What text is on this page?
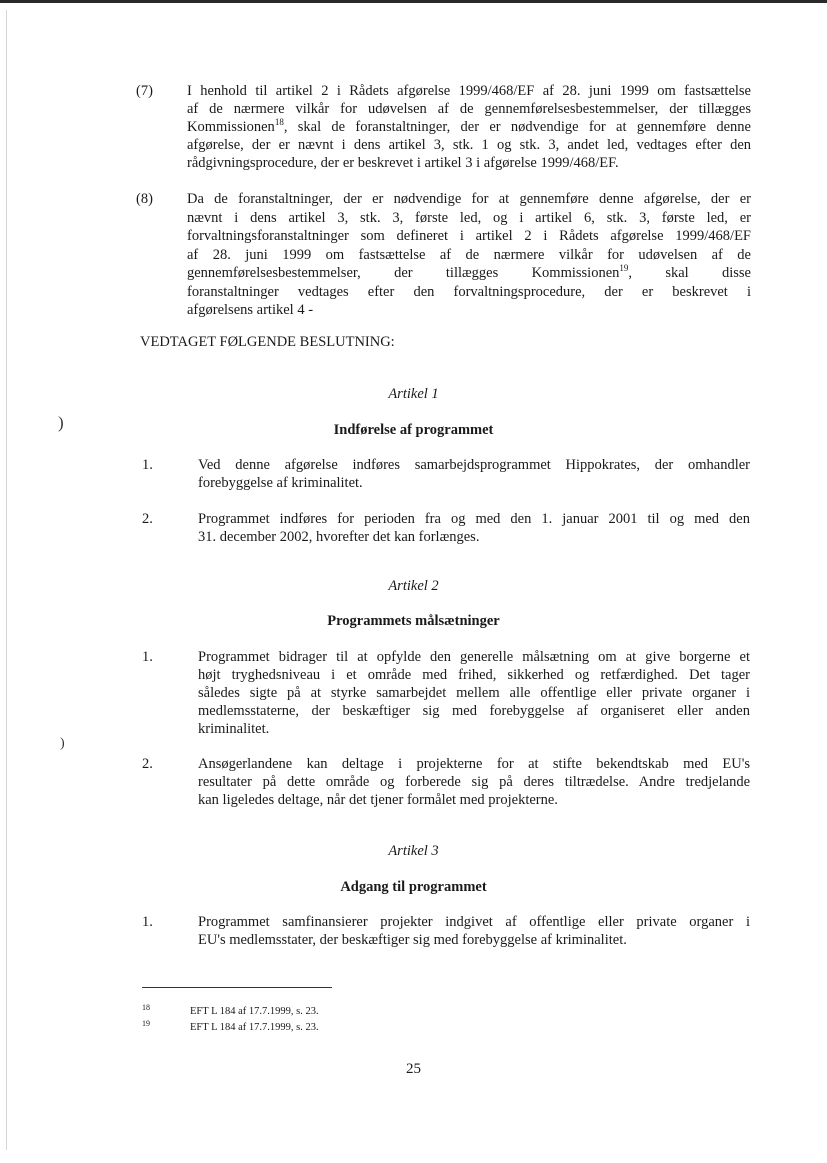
)
)
(7) I henhold til artikel 2 i Rådets afgørelse 1999/468/EF af 28. juni 1999 om fastsættelse
af de nærmere vilkår for udøvelsen af de gennemførelsesbestemmelser, der tillægges
Kommissionen$^{18}$, skal de foranstaltninger, der er nødvendige for at gennemføre denne
afgørelse, der er nævnt i dens artikel 3, stk. 1 og stk. 3, andet led, vedtages efter den
rådgivningsprocedure, der er beskrevet i artikel 3 i afgørelse 1999/468/EF.
(8) Da de foranstaltninger, der er nødvendige for at gennemføre denne afgørelse, der er
nævnt i dens artikel 3, stk. 3, første led, og i artikel 6, stk. 3, første led, er
forvaltningsforanstaltninger som defineret i artikel 2 i Rådets afgørelse 1999/468/EF
af 28. juni 1999 om fastsættelse af de nærmere vilkår for udøvelsen af de
gennemførelsesbestemmelser, der tillægges Kommissionen$^{19}$, skal disse
foranstaltninger vedtages efter den forvaltningsprocedure, der er beskrevet i
afgørelsens artikel 4 -
VEDTAGET FØLGENDE BESLUTNING:
Artikel 1
Indførelse af programmet
1.	Ved denne afgørelse indføres samarbejdsprogrammet Hippokrates, der omhandler
forebyggelse af kriminalitet.
2.	Programmet indføres for perioden fra og med den 1. januar 2001 til og med den
31. december 2002, hvorefter det kan forlænges.
Artikel 2
Programmets målsætninger
1.	Programmet bidrager til at opfylde den generelle målsætning om at give borgerne et
højt tryghedsniveau i et område med frihed, sikkerhed og retfærdighed. Det tager
således sigte på at styrke samarbejdet mellem alle offentlige eller private organer i
medlemsstaterne, der beskæftiger sig med forebyggelse af organiseret eller anden
kriminalitet.
2.	Ansøgerlandene kan deltage i projekterne for at stifte bekendtskab med EU's
resultater på dette område og forberede sig på deres tiltrædelse. Andre tredjelande
kan ligeledes deltage, når det tjener formålet med projekterne.
Artikel 3
Adgang til programmet
1.	Programmet samfinansierer projekter indgivet af offentlige eller private organer i
EU's medlemsstater, der beskæftiger sig med forebyggelse af kriminalitet.
18	EFT L 184 af 17.7.1999, s. 23.
19	EFT L 184 af 17.7.1999, s. 23.
25
